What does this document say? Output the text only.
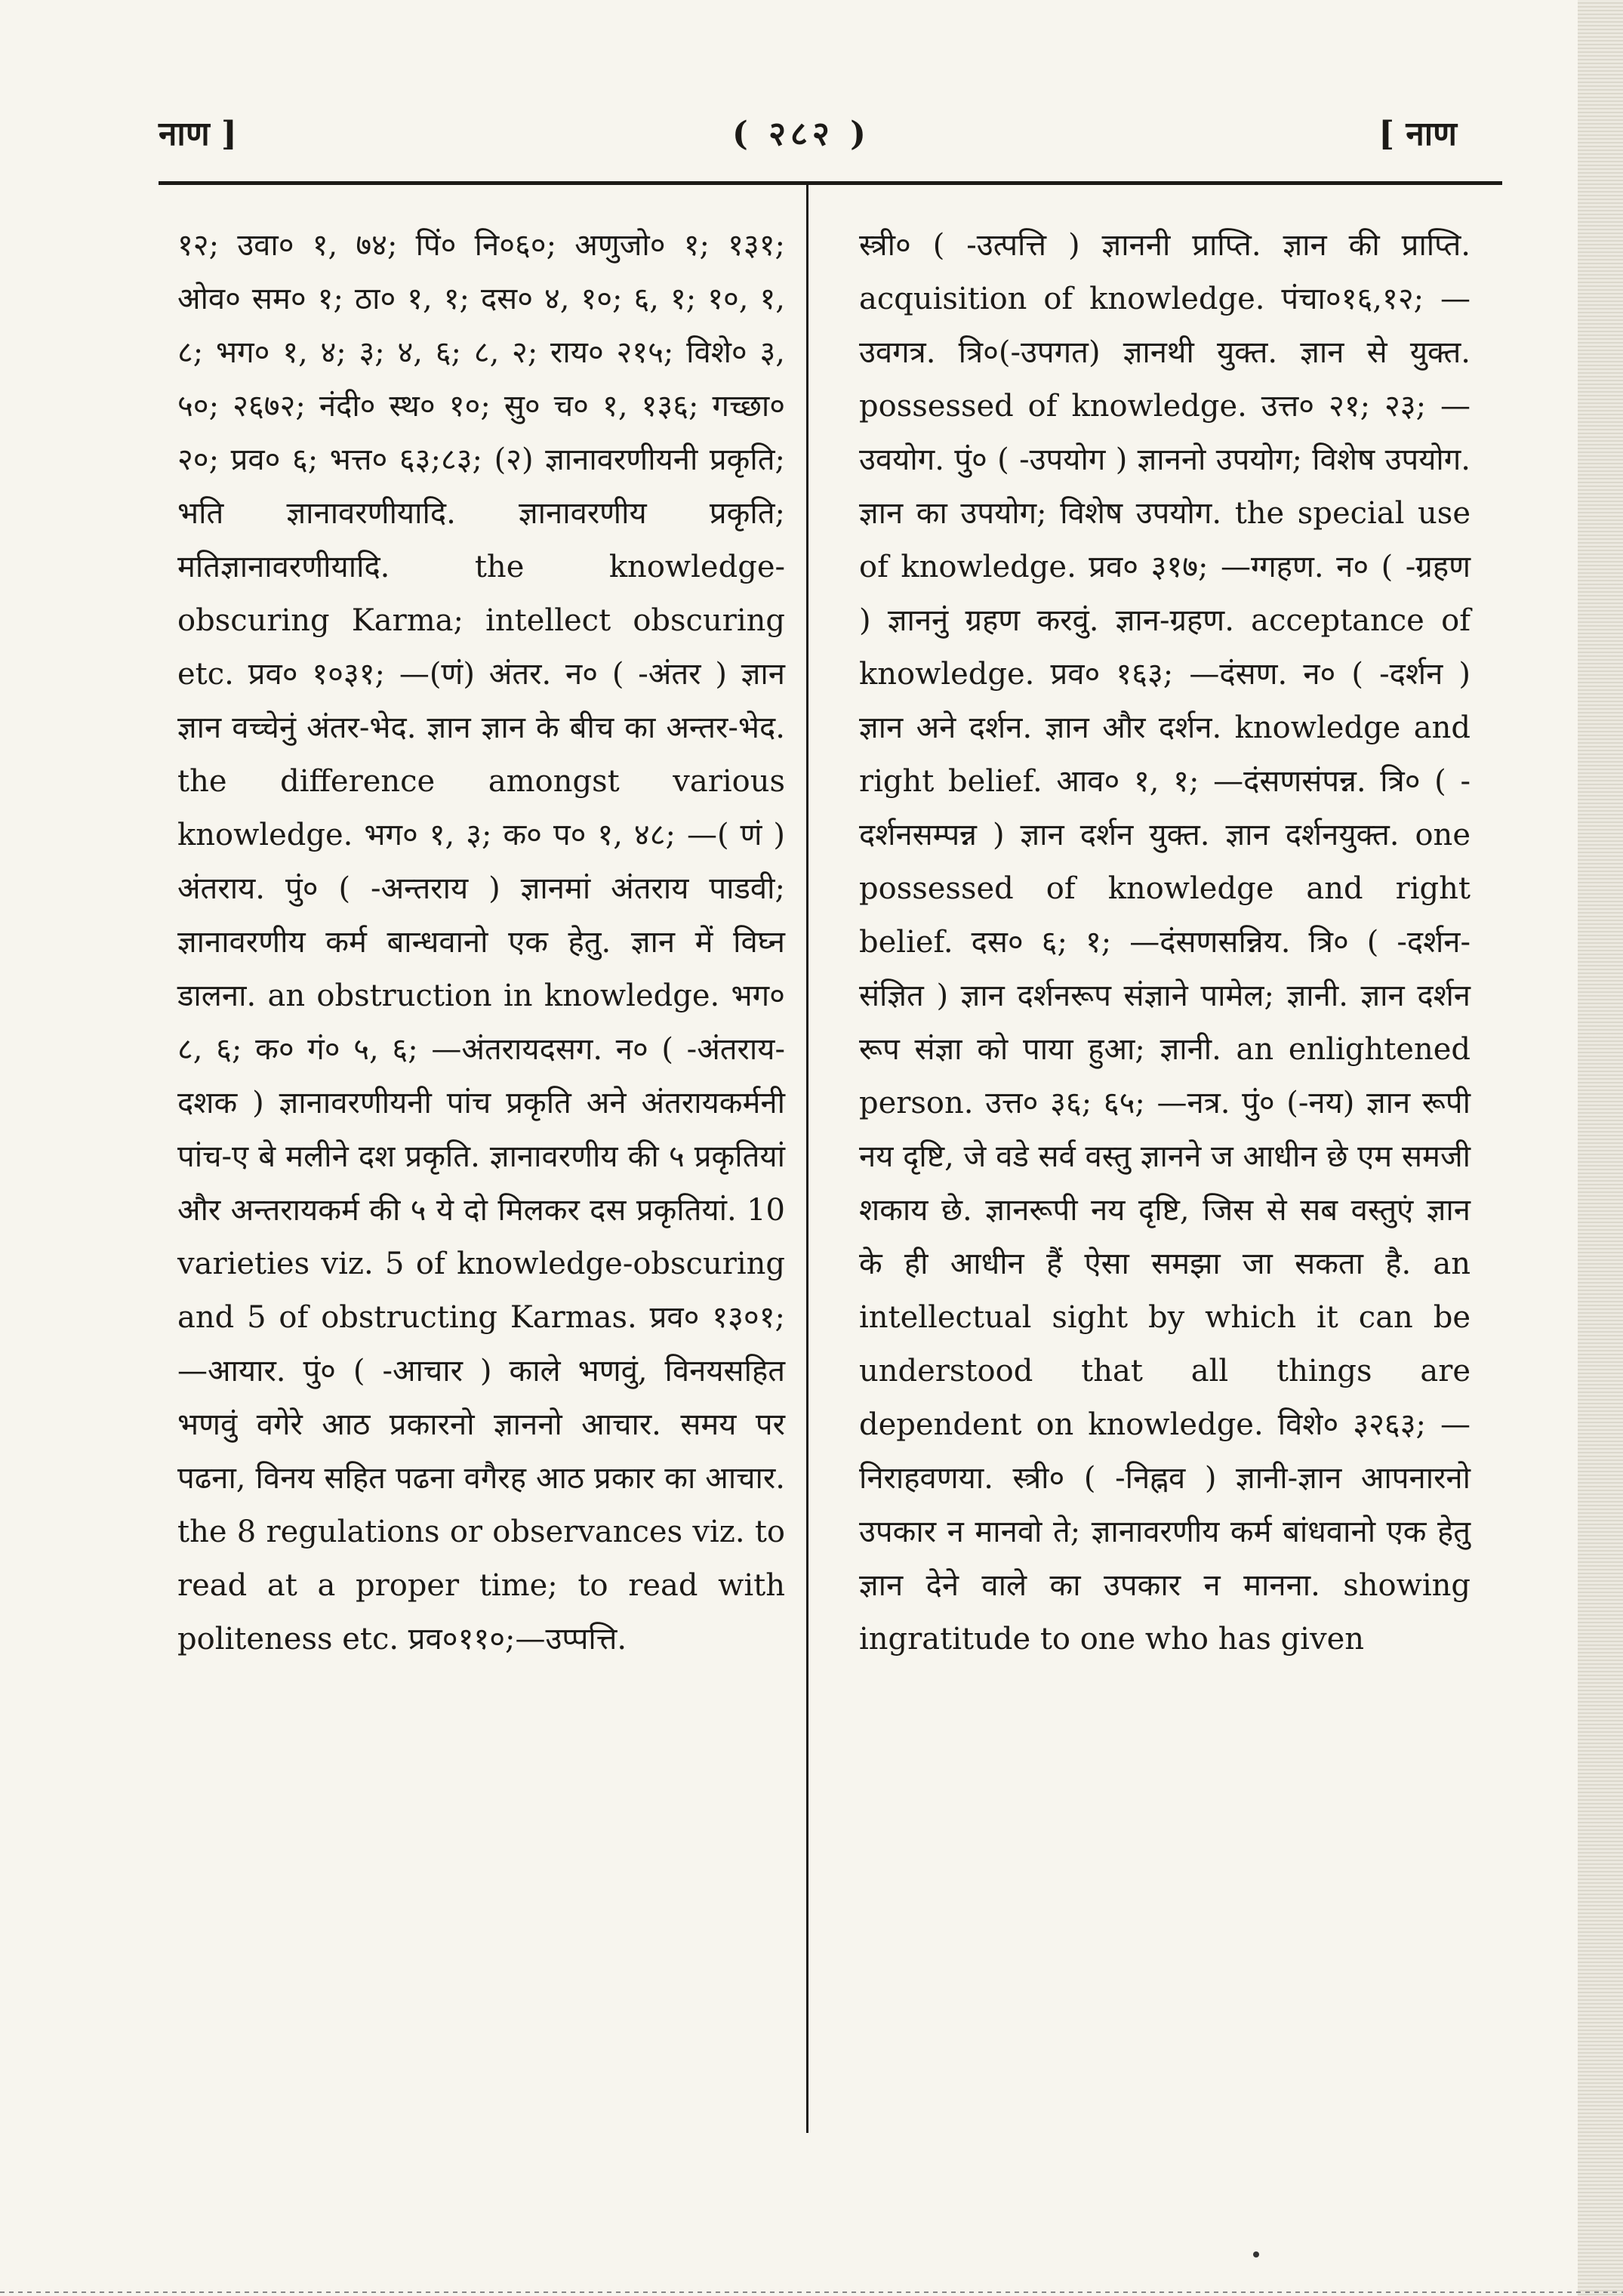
नाण ]	( २८२ )	[ नाण
१२; उवा० १, ७४; पिं० नि०६०; अणुजो० १; १३१; ओव० सम० १; ठा० १, १; दस० ४, १०; ६, १; १०, १, ८; भग० १, ४; ३; ४, ६; ८, २; राय० २१५; विशे० ३, ५०; २६७२; नंदी० स्थ० १०; सु० च० १, १३६; गच्छा० २०; प्रव० ६; भत्त० ६३;८३; (२) ज्ञानावरणीयनी प्रकृति; भति ज्ञानावरणीयादि. ज्ञानावरणीय प्रकृति; मतिज्ञानावरणीयादि. the knowledge-obscuring Karma; intellect obscuring etc. प्रव० १०३१; —(णं) अंतर. न० ( -अंतर ) ज्ञान ज्ञान वच्चेनुं अंतर-भेद. ज्ञान ज्ञान के बीच का अन्तर-भेद. the difference amongst various knowledge. भग० १, ३; क० प० १, ४८; —( णं ) अंतराय. पुं० ( -अन्तराय ) ज्ञानमां अंतराय पाडवी; ज्ञानावरणीय कर्म बान्धवानो एक हेतु. ज्ञान में विघ्न डालना. an obstruction in knowledge. भग० ८, ६; क० गं० ५, ६; —अंतरायदसग. न० ( -अंतराय-दशक ) ज्ञानावरणीयनी पांच प्रकृति अने अंतरायकर्मनी पांच-ए बे मलीने दश प्रकृति. ज्ञानावरणीय की ५ प्रकृतियां और अन्तरायकर्म की ५ ये दो मिलकर दस प्रकृतियां. 10 varieties viz. 5 of knowledge-obscuring and 5 of obstructing Karmas. प्रव० १३०१; —आयार. पुं० ( -आचार ) काले भणवुं, विनयसहित भणवुं वगेरे आठ प्रकारनो ज्ञाननो आचार. समय पर पढना, विनय सहित पढना वगैरह आठ प्रकार का आचार. the 8 regulations or observances viz. to read at a proper time; to read with politeness etc. प्रव०११०;—उप्पत्ति.
स्त्री० ( -उत्पत्ति ) ज्ञाननी प्राप्ति. ज्ञान की प्राप्ति. acquisition of knowledge. पंचा०१६,१२; —उवगत्र. त्रि०(-उपगत) ज्ञानथी युक्त. ज्ञान से युक्त. possessed of knowledge. उत्त० २१; २३; —उवयोग. पुं० ( -उपयोग ) ज्ञाननो उपयोग; विशेष उपयोग. ज्ञान का उपयोग; विशेष उपयोग. the special use of knowledge. प्रव० ३१७; —ग्गहण. न० ( -ग्रहण ) ज्ञाननुं ग्रहण करवुं. ज्ञान-ग्रहण. acceptance of knowledge. प्रव० १६३; —दंसण. न० ( -दर्शन ) ज्ञान अने दर्शन. ज्ञान और दर्शन. knowledge and right belief. आव० १, १; —दंसणसंपन्न. त्रि० ( -दर्शनसम्पन्न ) ज्ञान दर्शन युक्त. ज्ञान दर्शनयुक्त. one possessed of knowledge and right belief. दस० ६; १; —दंसणसन्निय. त्रि० ( -दर्शन-संज्ञित ) ज्ञान दर्शनरूप संज्ञाने पामेल; ज्ञानी. ज्ञान दर्शन रूप संज्ञा को पाया हुआ; ज्ञानी. an enlightened person. उत्त० ३६; ६५; —नत्र. पुं० (-नय) ज्ञान रूपी नय दृष्टि, जे वडे सर्व वस्तु ज्ञानने ज आधीन छे एम समजी शकाय छे. ज्ञानरूपी नय दृष्टि, जिस से सब वस्तुएं ज्ञान के ही आधीन हैं ऐसा समझा जा सकता है. an intellectual sight by which it can be understood that all things are dependent on knowledge. विशे० ३२६३; —निराहवणया. स्त्री० ( -निह्नव ) ज्ञानी-ज्ञान आपनारनो उपकार न मानवो ते; ज्ञानावरणीय कर्म बांधवानो एक हेतु ज्ञान देने वाले का उपकार न मानना. showing ingratitude to one who has given
